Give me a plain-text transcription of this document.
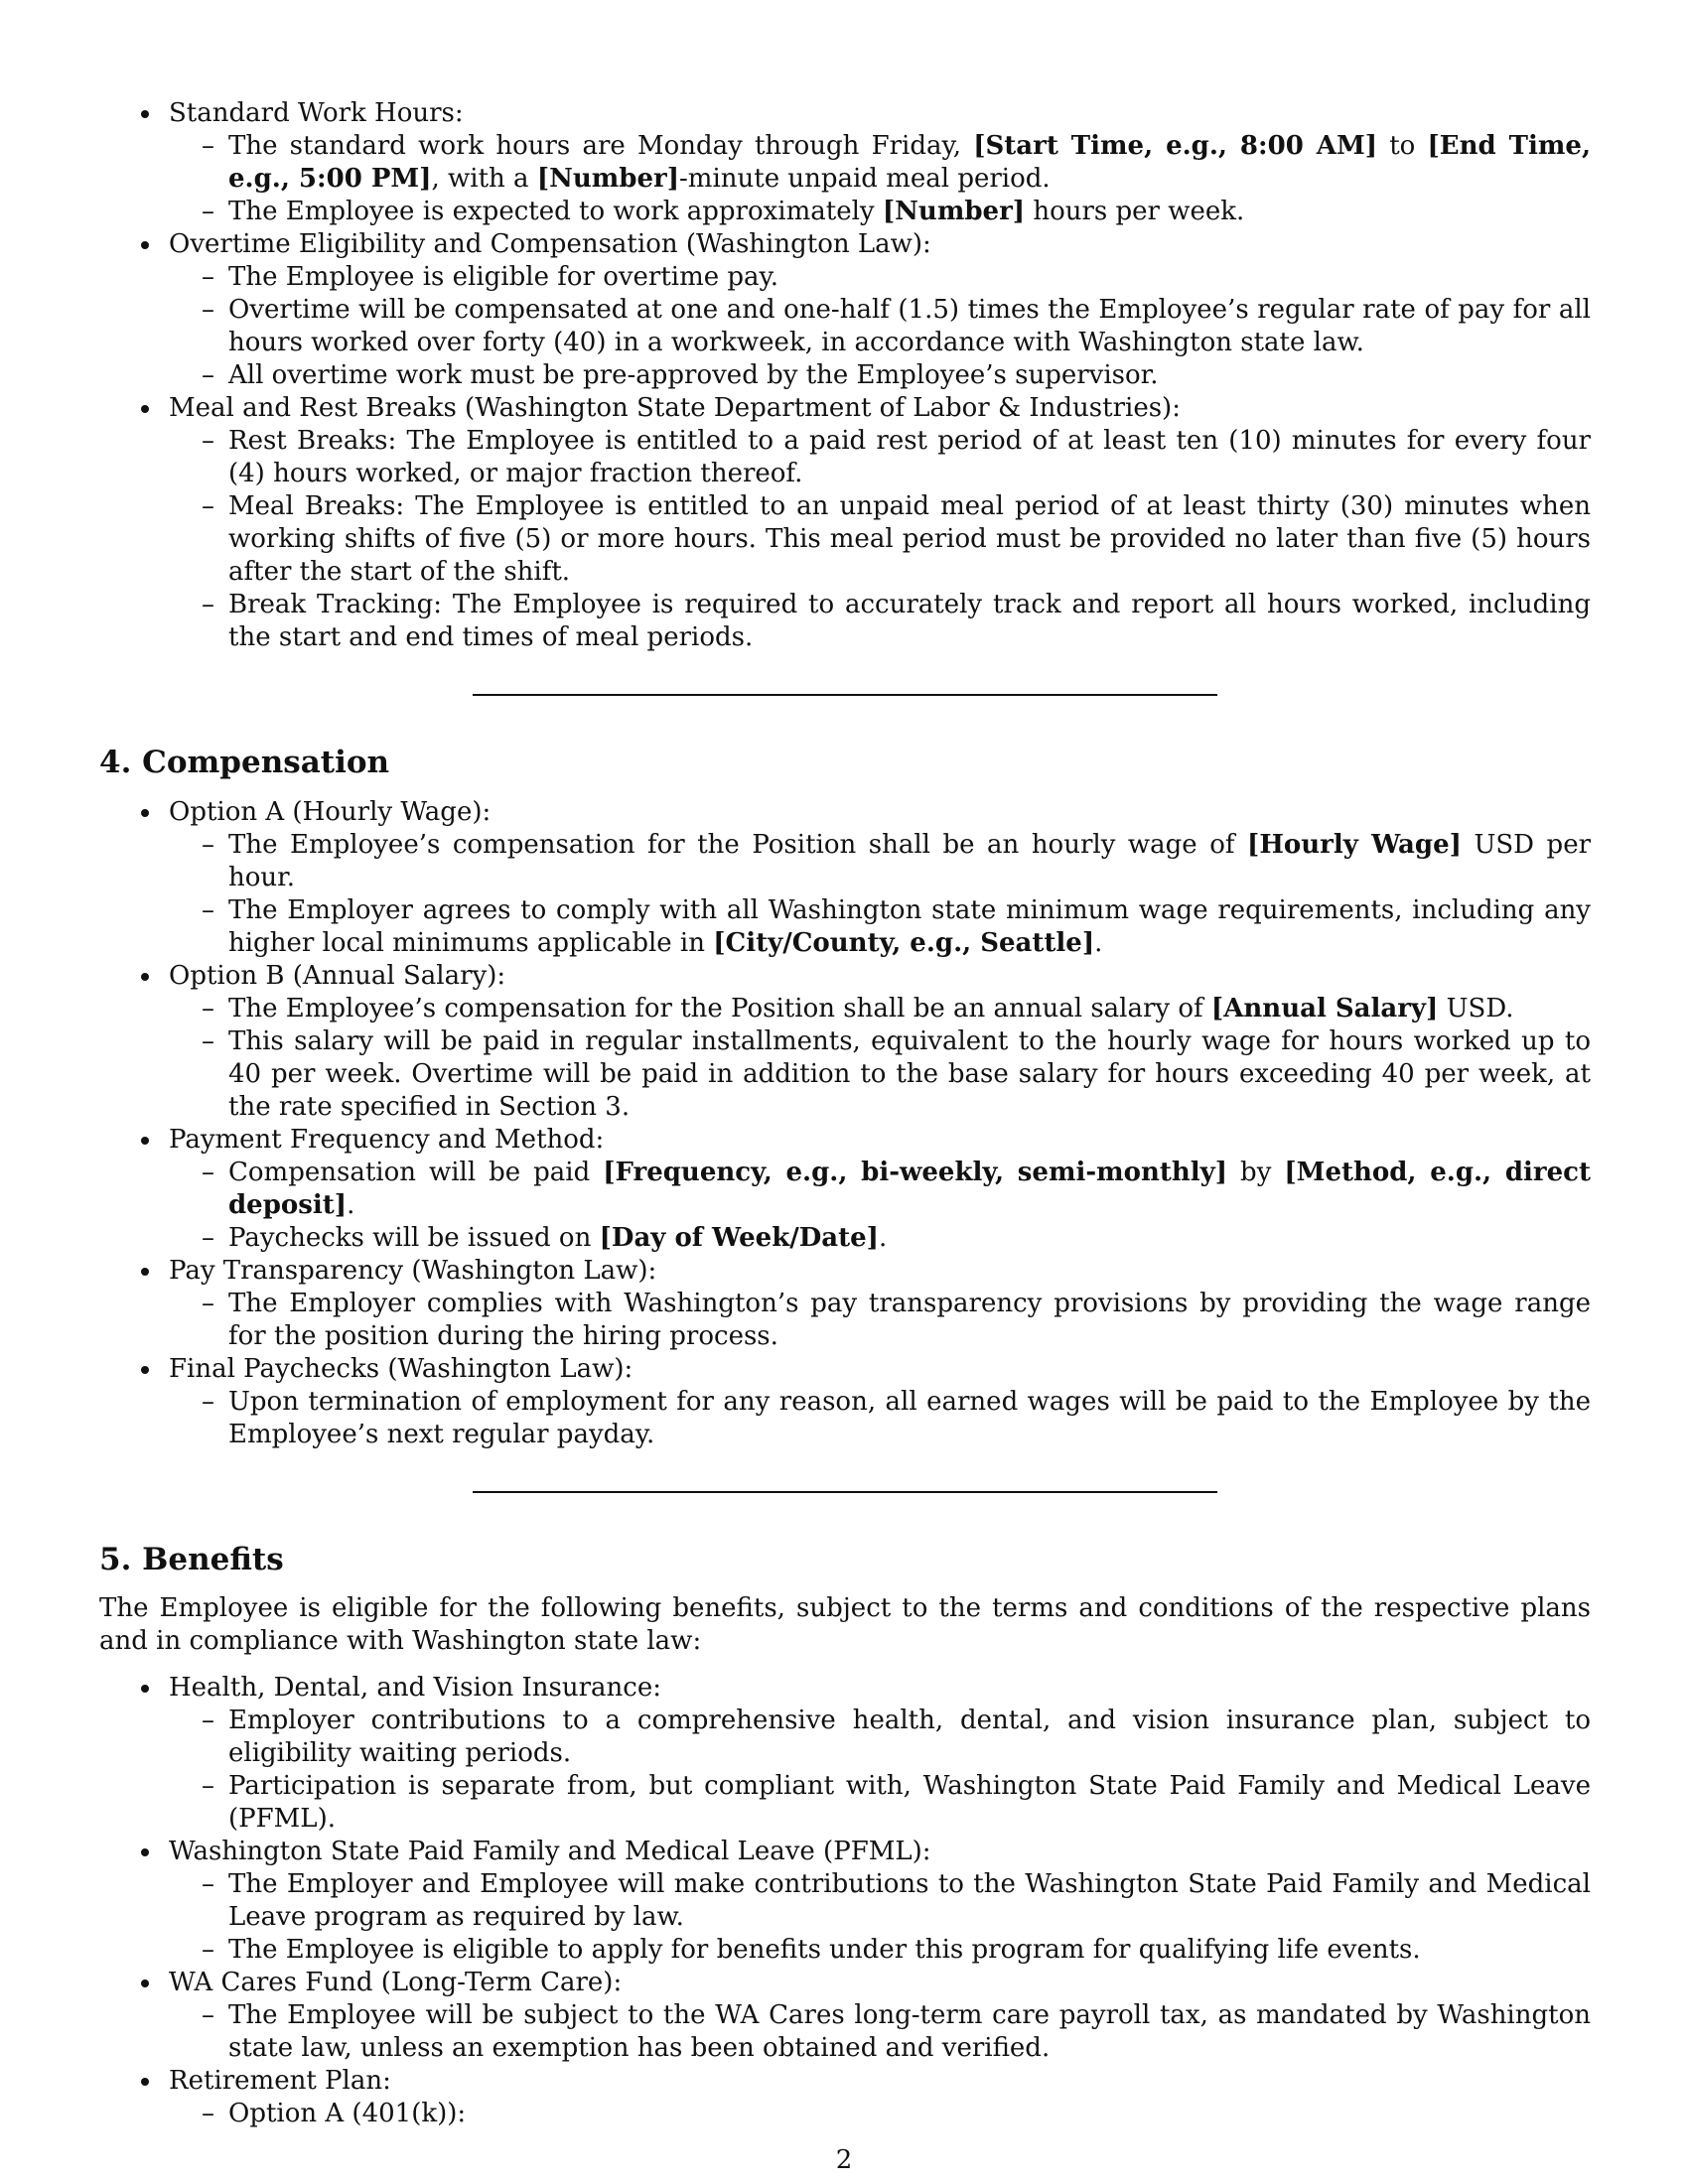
Standard Work Hours:
– The standard work hours are Monday through Friday, [Start Time, e.g., 8:00 AM] to [End Time, e.g., 5:00 PM], with a [Number]-minute unpaid meal period.
– The Employee is expected to work approximately [Number] hours per week.
Overtime Eligibility and Compensation (Washington Law):
– The Employee is eligible for overtime pay.
– Overtime will be compensated at one and one-half (1.5) times the Employee’s regular rate of pay for all hours worked over forty (40) in a workweek, in accordance with Washington state law.
– All overtime work must be pre-approved by the Employee’s supervisor.
Meal and Rest Breaks (Washington State Department of Labor & Industries):
– Rest Breaks: The Employee is entitled to a paid rest period of at least ten (10) minutes for every four (4) hours worked, or major fraction thereof.
– Meal Breaks: The Employee is entitled to an unpaid meal period of at least thirty (30) minutes when working shifts of five (5) or more hours. This meal period must be provided no later than five (5) hours after the start of the shift.
– Break Tracking: The Employee is required to accurately track and report all hours worked, including the start and end times of meal periods.
4. Compensation
Option A (Hourly Wage):
– The Employee’s compensation for the Position shall be an hourly wage of [Hourly Wage] USD per hour.
– The Employer agrees to comply with all Washington state minimum wage requirements, including any higher local minimums applicable in [City/County, e.g., Seattle].
Option B (Annual Salary):
– The Employee’s compensation for the Position shall be an annual salary of [Annual Salary] USD.
– This salary will be paid in regular installments, equivalent to the hourly wage for hours worked up to 40 per week. Overtime will be paid in addition to the base salary for hours exceeding 40 per week, at the rate specified in Section 3.
Payment Frequency and Method:
– Compensation will be paid [Frequency, e.g., bi-weekly, semi-monthly] by [Method, e.g., direct deposit].
– Paychecks will be issued on [Day of Week/Date].
Pay Transparency (Washington Law):
– The Employer complies with Washington’s pay transparency provisions by providing the wage range for the position during the hiring process.
Final Paychecks (Washington Law):
– Upon termination of employment for any reason, all earned wages will be paid to the Employee by the Employee’s next regular payday.
5. Benefits

The Employee is eligible for the following benefits, subject to the terms and conditions of the respective plans and in compliance with Washington state law:

Health, Dental, and Vision Insurance:
– Employer contributions to a comprehensive health, dental, and vision insurance plan, subject to eligibility waiting periods.
– Participation is separate from, but compliant with, Washington State Paid Family and Medical Leave (PFML).
Washington State Paid Family and Medical Leave (PFML):
– The Employer and Employee will make contributions to the Washington State Paid Family and Medical Leave program as required by law.
– The Employee is eligible to apply for benefits under this program for qualifying life events.
WA Cares Fund (Long-Term Care):
– The Employee will be subject to the WA Cares long-term care payroll tax, as mandated by Washington state law, unless an exemption has been obtained and verified.
Retirement Plan:
– Option A (401(k)):
2
